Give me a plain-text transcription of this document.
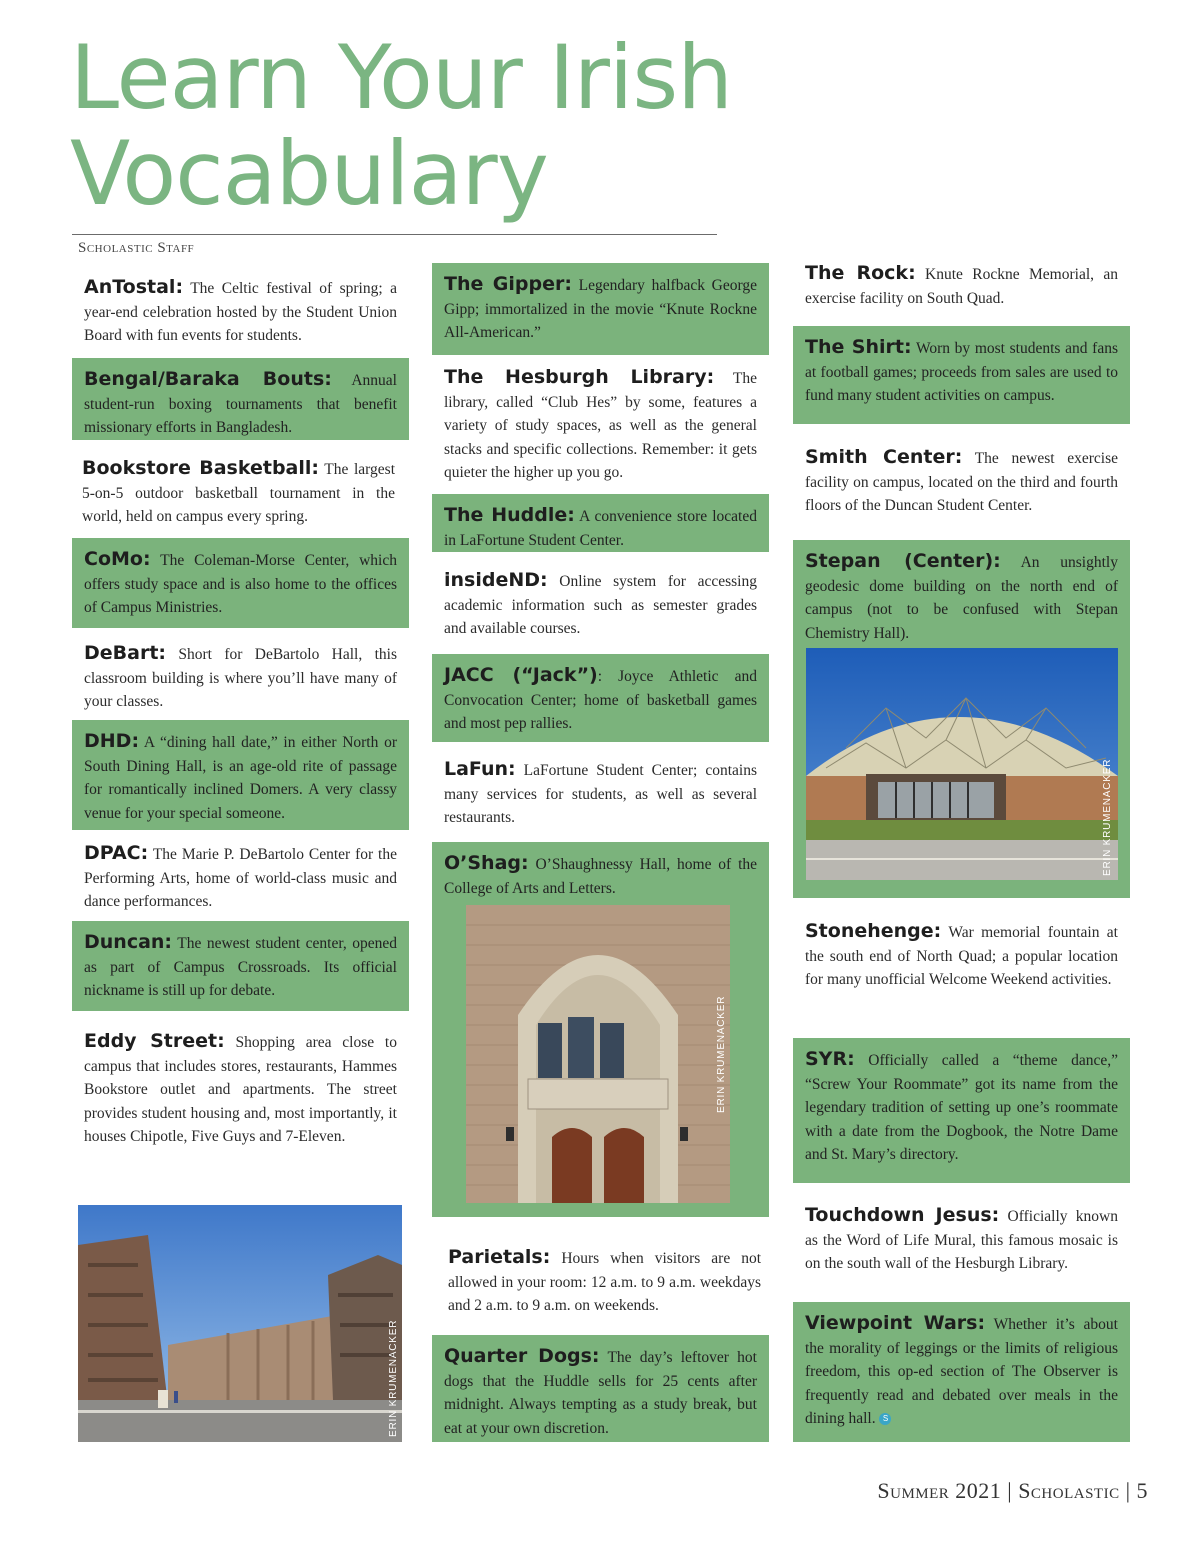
Learn Your Irish
Vocabulary

Scholastic Staff

AnTostal: The Celtic festival of spring; a year-end celebration hosted by the Student Union Board with fun events for students.
Bengal/Baraka Bouts: Annual student-run boxing tournaments that benefit missionary efforts in Bangladesh.
Bookstore Basketball: The largest 5-on-5 outdoor basketball tournament in the world, held on campus every spring.
CoMo: The Coleman-Morse Center, which offers study space and is also home to the offices of Campus Ministries.
DeBart: Short for DeBartolo Hall, this classroom building is where you’ll have many of your classes.
DHD: A “dining hall date,” in either North or South Dining Hall, is an age-old rite of passage for romantically inclined Domers. A very classy venue for your special someone.
DPAC: The Marie P. DeBartolo Center for the Performing Arts, home of world-class music and dance performances.
Duncan: The newest student center, opened as part of Campus Crossroads. Its official nickname is still up for debate.
Eddy Street: Shopping area close to campus that includes stores, restaurants, Hammes Bookstore outlet and apartments. The street provides student housing and, most importantly, it houses Chipotle, Five Guys and 7-Eleven.
ERIN KRUMENACKER
The Gipper: Legendary halfback George Gipp; immortalized in the movie “Knute Rockne All-American.”
The Hesburgh Library: The library, called “Club Hes” by some, features a variety of study spaces, as well as the general stacks and specific collections. Remember: it gets quieter the higher up you go.
The Huddle: A convenience store located in LaFortune Student Center.
insideND: Online system for accessing academic information such as semester grades and available courses.
JACC (“Jack”): Joyce Athletic and Convocation Center; home of basketball games and most pep rallies.
LaFun: LaFortune Student Center; contains many services for students, as well as several restaurants.
O’Shag: O’Shaughnessy Hall, home of the College of Arts and Letters.
ERIN KRUMENACKER
Parietals: Hours when visitors are not allowed in your room: 12 a.m. to 9 a.m. weekdays and 2 a.m. to 9 a.m. on weekends.
Quarter Dogs: The day’s leftover hot dogs that the Huddle sells for 25 cents after midnight. Always tempting as a study break, but eat at your own discretion.
The Rock: Knute Rockne Memorial, an exercise facility on South Quad.
The Shirt: Worn by most students and fans at football games; proceeds from sales are used to fund many student activities on campus.
Smith Center: The newest exercise facility on campus, located on the third and fourth floors of the Duncan Student Center.
Stepan (Center): An unsightly geodesic dome building on the north end of campus (not to be confused with Stepan Chemistry Hall).
ERIN KRUMENACKER
Stonehenge: War memorial fountain at the south end of North Quad; a popular location for many unofficial Welcome Weekend activities.
SYR: Officially called a “theme dance,” “Screw Your Roommate” got its name from the legendary tradition of setting up one’s roommate with a date from the Dogbook, the Notre Dame and St. Mary’s directory.
Touchdown Jesus: Officially known as the Word of Life Mural, this famous mosaic is on the south wall of the Hesburgh Library.
Viewpoint Wars: Whether it’s about the morality of leggings or the limits of religious freedom, this op-ed section of The Observer is frequently read and debated over meals in the dining hall. S
Summer 2021 | Scholastic | 5
